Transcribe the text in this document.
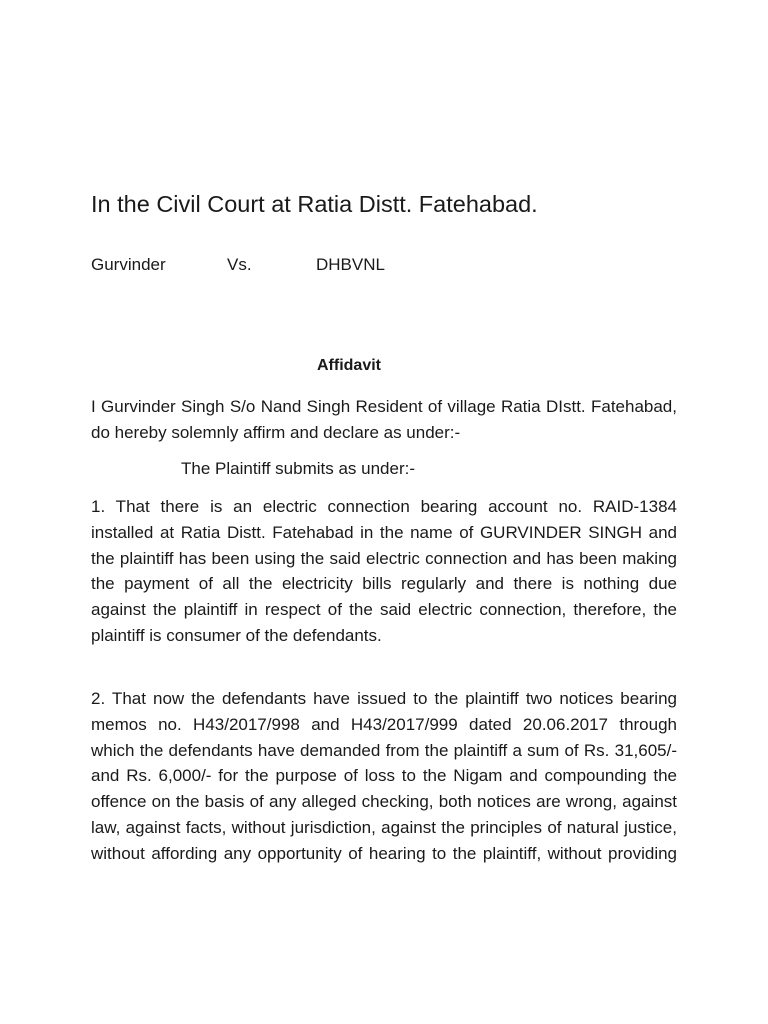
In the Civil Court at Ratia Distt. Fatehabad.
Gurvinder	Vs.	DHBVNL
Affidavit

I Gurvinder Singh S/o Nand Singh Resident of village Ratia DIstt. Fatehabad, do hereby solemnly affirm and declare as under:-

The Plaintiff submits as under:-

1. That there is an electric connection bearing account no. RAID-1384 installed at Ratia Distt. Fatehabad in the name of GURVINDER SINGH and the plaintiff has been using the said electric connection and has been making the payment of all the electricity bills regularly and there is nothing due against the plaintiff in respect of the said electric connection, therefore, the plaintiff is consumer of the defendants.

2. That now the defendants have issued to the plaintiff two notices bearing memos no. H43/2017/998 and H43/2017/999 dated 20.06.2017 through which the defendants have demanded from the plaintiff a sum of Rs. 31,605/- and Rs. 6,000/- for the purpose of loss to the Nigam and compounding the offence on the basis of any alleged checking, both notices are wrong, against law, against facts, without jurisdiction, against the principles of natural justice, without affording any opportunity of hearing to the plaintiff, without providing
